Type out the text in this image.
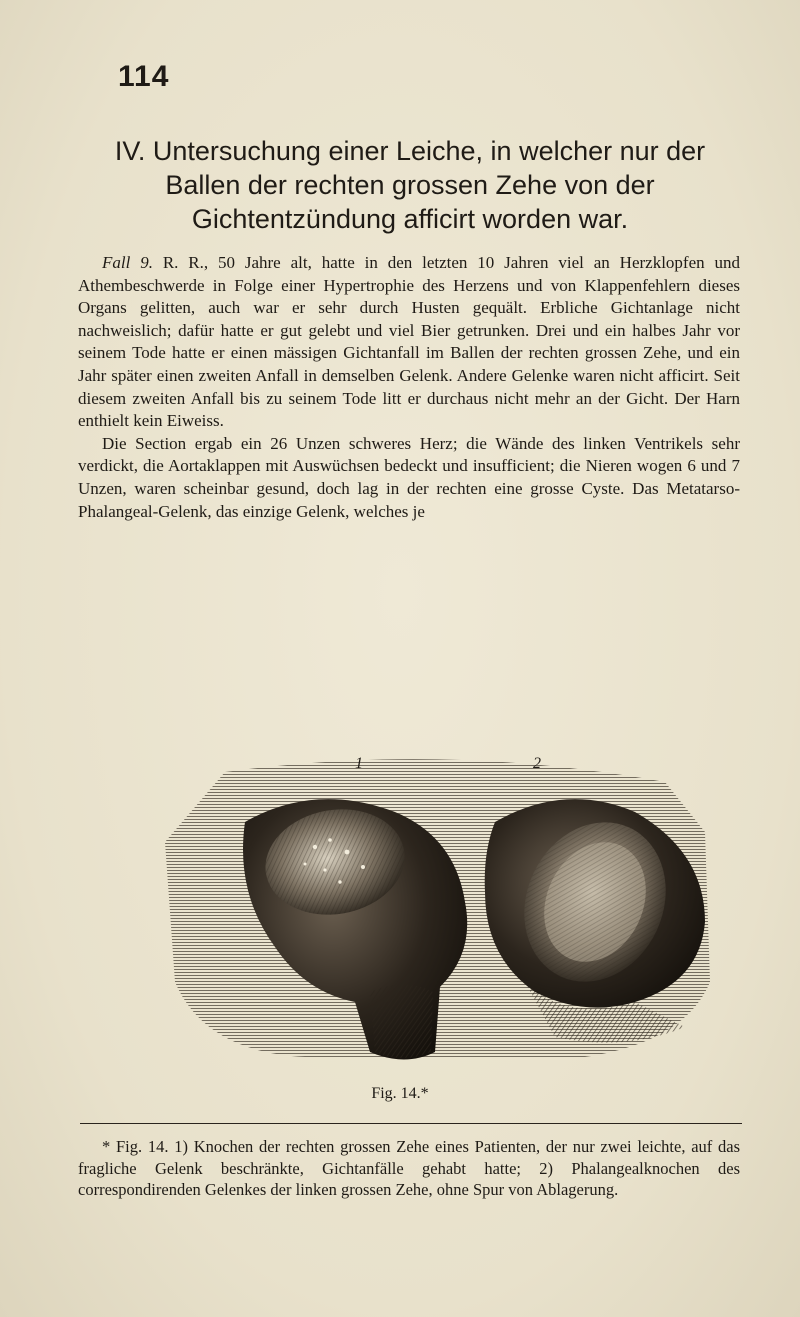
114
IV. Untersuchung einer Leiche, in welcher nur der Ballen der rechten grossen Zehe von der Gichtentzündung afficirt worden war.

Fall 9. R. R., 50 Jahre alt, hatte in den letzten 10 Jahren viel an Herzklopfen und Athembeschwerde in Folge einer Hypertrophie des Herzens und von Klappenfehlern dieses Organs gelitten, auch war er sehr durch Husten gequält. Erbliche Gichtanlage nicht nachweislich; dafür hatte er gut gelebt und viel Bier getrunken. Drei und ein halbes Jahr vor seinem Tode hatte er einen mässigen Gichtanfall im Ballen der rechten grossen Zehe, und ein Jahr später einen zweiten Anfall in demselben Gelenk. Andere Gelenke waren nicht afficirt. Seit diesem zweiten Anfall bis zu seinem Tode litt er durchaus nicht mehr an der Gicht. Der Harn enthielt kein Eiweiss.

Die Section ergab ein 26 Unzen schweres Herz; die Wände des linken Ventrikels sehr verdickt, die Aortaklappen mit Auswüchsen bedeckt und insufficient; die Nieren wogen 6 und 7 Unzen, waren scheinbar gesund, doch lag in der rechten eine grosse Cyste. Das Metatarso-Phalangeal-Gelenk, das einzige Gelenk, welches je

1	2
Fig. 14.*

* Fig. 14. 1) Knochen der rechten grossen Zehe eines Patienten, der nur zwei leichte, auf das fragliche Gelenk beschränkte, Gichtanfälle gehabt hatte; 2) Phalangealknochen des correspondirenden Gelenkes der linken grossen Zehe, ohne Spur von Ablagerung.
